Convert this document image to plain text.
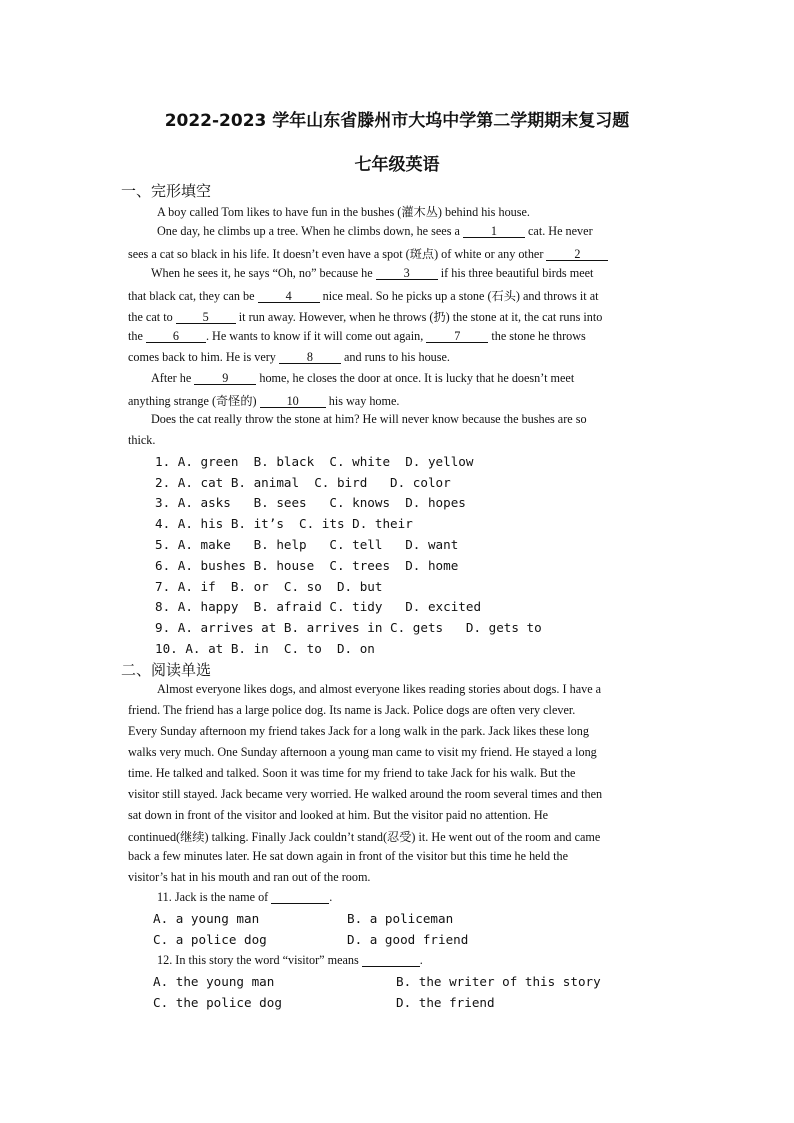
2022-2023 学年山东省滕州市大坞中学第二学期期末复习题
七年级英语
一、完形填空
A boy called Tom likes to have fun in the bushes (灌木丛) behind his house.
One day, he climbs up a tree. When he climbs down, he sees a	1	cat. He never
sees a cat so black in his life. It doesn’t even have a spot (斑点) of white or any other	2
When he sees it, he says “Oh, no” because he	3	if his three beautiful birds meet
that black cat, they can be	4	nice meal. So he picks up a stone (石头) and throws it at
the cat to 5 it run away. However, when he throws (扔) the stone at it, the cat runs into
the 6 . He wants to know if it will come out again,	7	the stone he throws
comes back to him. He is very	8	and runs to his house.
After he	9	home, he closes the door at once. It is lucky that he doesn’t meet
anything strange (奇怪的) 10 his way home.
Does the cat really throw the stone at him? He will never know because the bushes are so
thick.
1. A. green  B. black  C. white  D. yellow
2. A. cat B. animal  C. bird   D. color
3. A. asks   B. sees   C. knows  D. hopes
4. A. his B. it’s  C. its D. their
5. A. make   B. help   C. tell   D. want
6. A. bushes B. house  C. trees  D. home
7. A. if  B. or  C. so  D. but
8. A. happy  B. afraid C. tidy   D. excited
9. A. arrives at B. arrives in C. gets   D. gets to
10. A. at B. in  C. to  D. on
二、阅读单选
Almost everyone likes dogs, and almost everyone likes reading stories about dogs. I have a
friend. The friend has a large police dog. Its name is Jack. Police dogs are often very clever.
Every Sunday afternoon my friend takes Jack for a long walk in the park. Jack likes these long
walks very much. One Sunday afternoon a young man came to visit my friend. He stayed a long
time. He talked and talked. Soon it was time for my friend to take Jack for his walk. But the
visitor still stayed. Jack became very worried. He walked around the room several times and then
sat down in front of the visitor and looked at him. But the visitor paid no attention. He
continued(继续) talking. Finally Jack couldn’t stand(忍受) it. He went out of the room and came
back a few minutes later. He sat down again in front of the visitor but this time he held the
visitor’s hat in his mouth and ran out of the room.
11. Jack is the name of	.
A. a young man	B. a policeman
C. a police dog	D. a good friend
12. In this story the word “visitor” means	.
A. the young man	B. the writer of this story
C. the police dog	D. the friend
